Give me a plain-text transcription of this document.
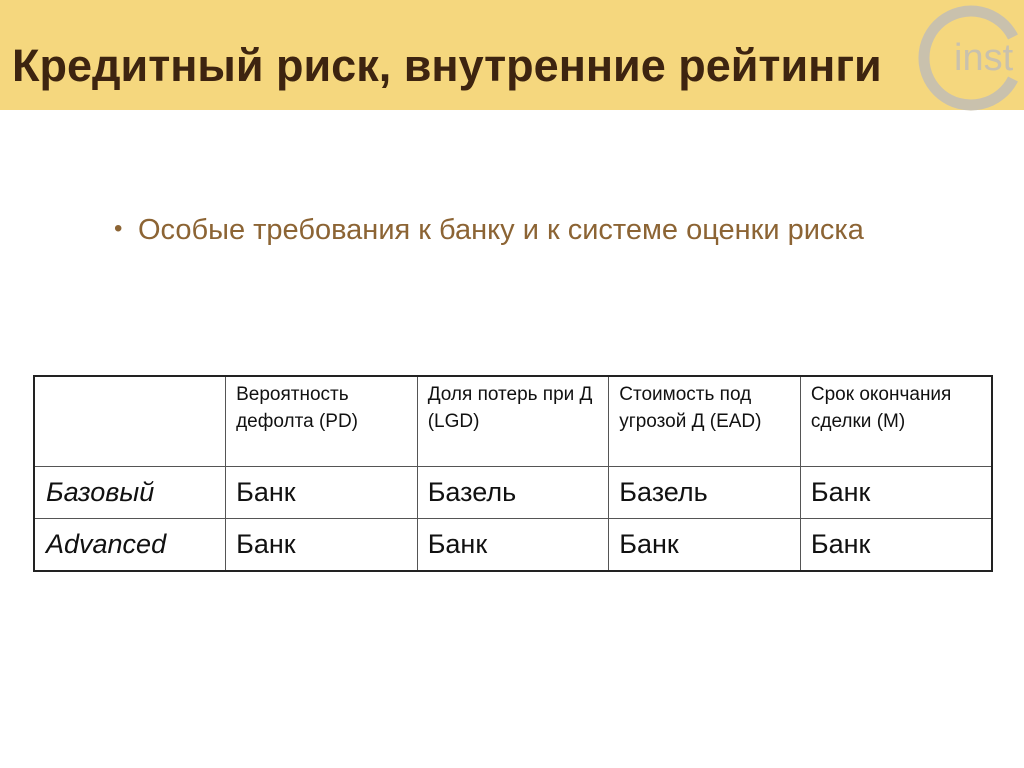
Кредитный риск, внутренние рейтинги inst
• Особые требования к банку и к системе оценки риска
	Вероятность дефолта (PD)	Доля потерь при Д (LGD)	Стоимость под угрозой Д (EAD)	Срок окончания сделки (M)
Базовый	Банк	Базель	Базель	Банк
Advanced	Банк	Банк	Банк	Банк
